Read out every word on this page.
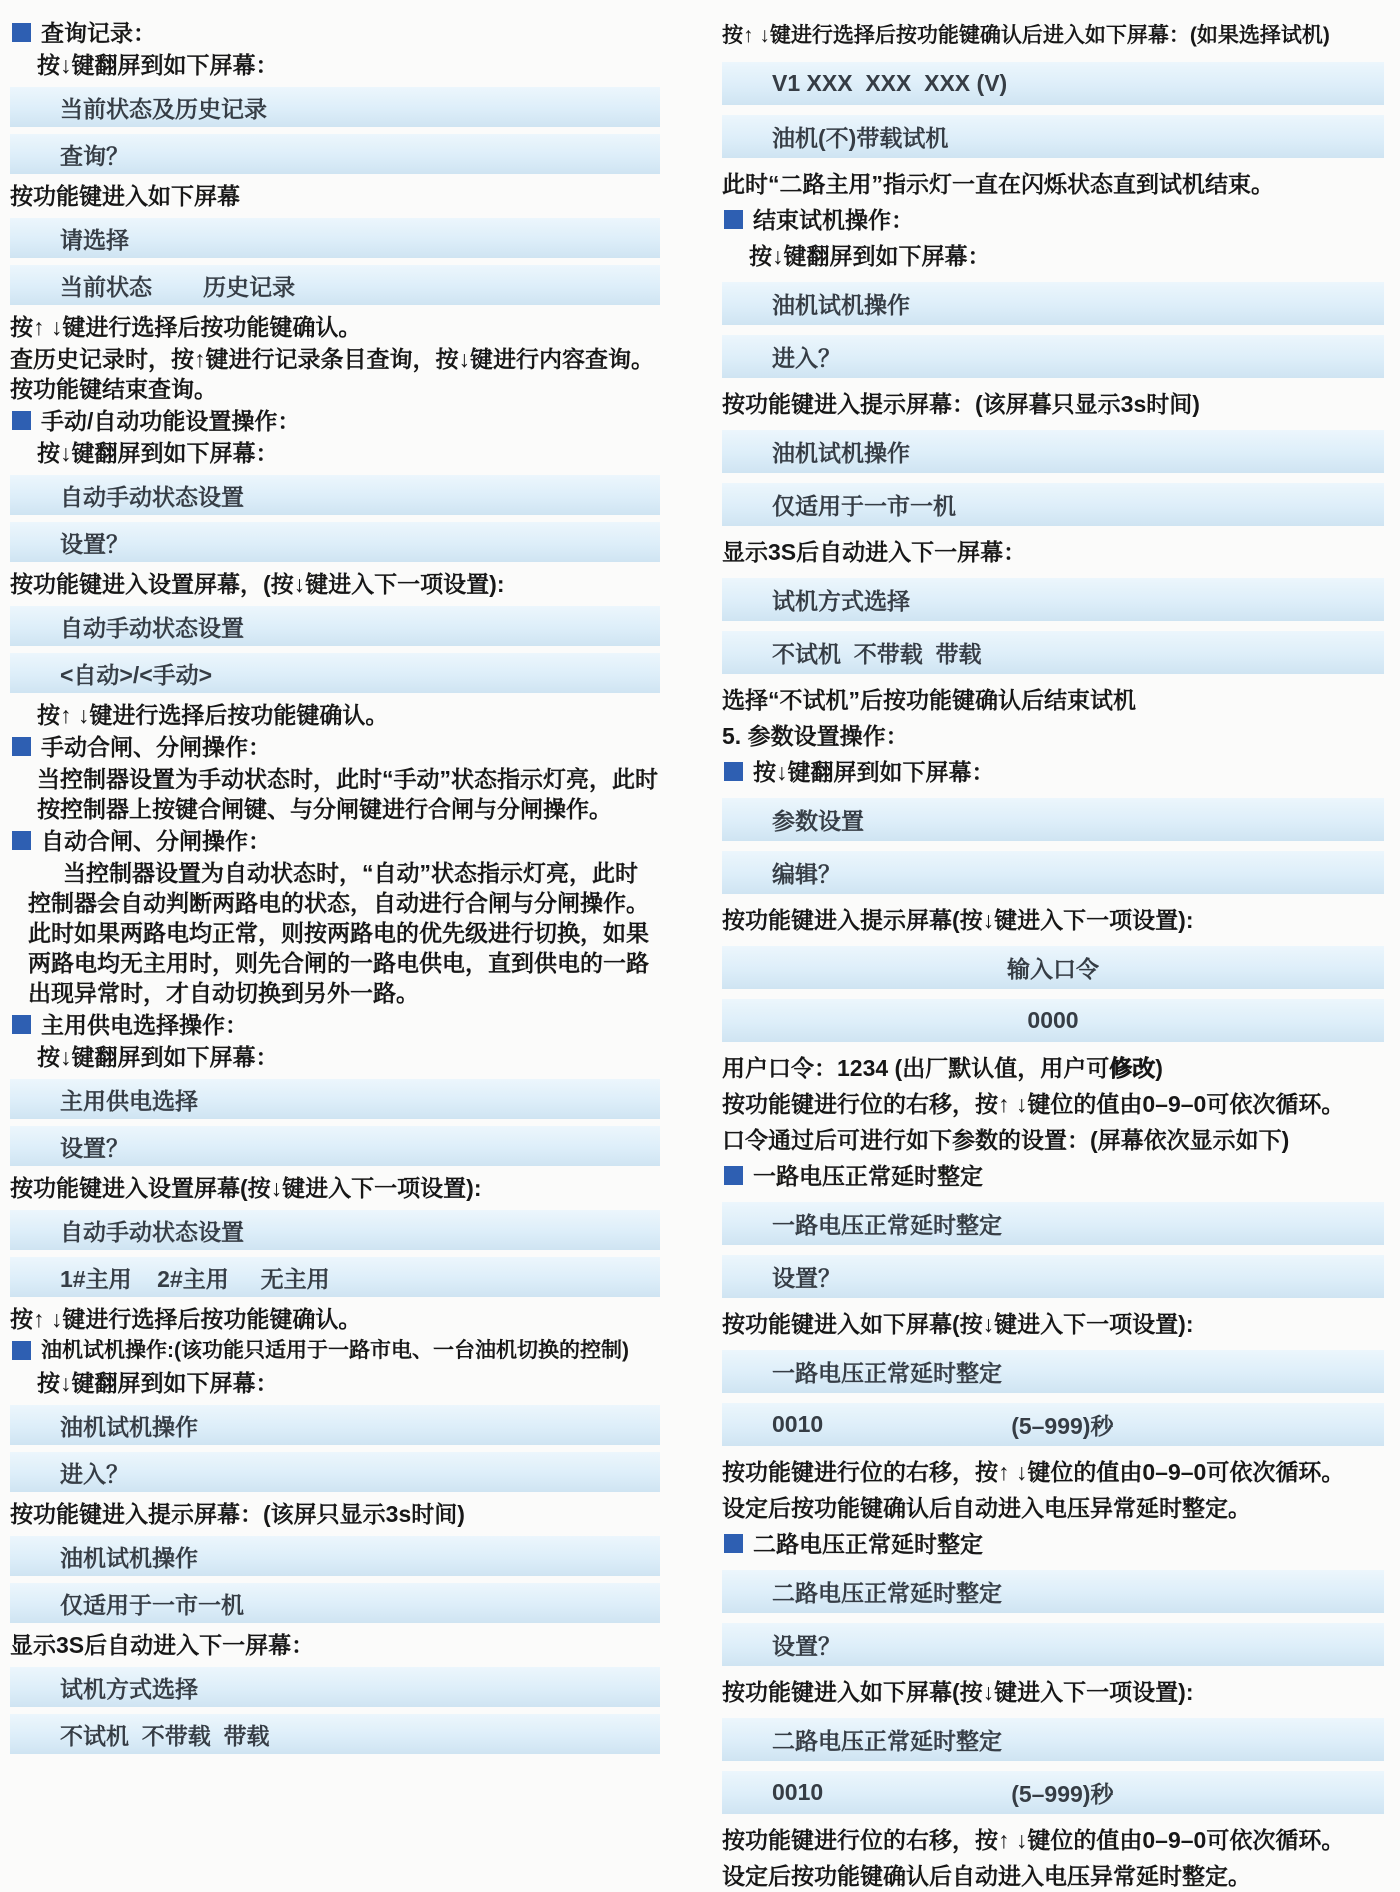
查询记录：
按↓键翻屏到如下屏幕：
当前状态及历史记录
查询？
按功能键进入如下屏幕
请选择
当前状态        历史记录
按↑ ↓键进行选择后按功能键确认。
查历史记录时，按↑键进行记录条目查询，按↓键进行内容查询。按功能键结束查询。
手动/自动功能设置操作：
按↓键翻屏到如下屏幕：
自动手动状态设置
设置？
按功能键进入设置屏幕，(按↓键进入下一项设置):
自动手动状态设置
<自动>/<手动>
按↑ ↓键进行选择后按功能键确认。
手动合闸、分闸操作：
当控制器设置为手动状态时，此时“手动”状态指示灯亮，此时按控制器上按键合闸键、与分闸键进行合闸与分闸操作。
自动合闸、分闸操作：
当控制器设置为自动状态时，“自动”状态指示灯亮，此时控制器会自动判断两路电的状态，自动进行合闸与分闸操作。此时如果两路电均正常，则按两路电的优先级进行切换，如果两路电均无主用时，则先合闸的一路电供电，直到供电的一路出现异常时，才自动切换到另外一路。
主用供电选择操作：
按↓键翻屏到如下屏幕：
主用供电选择
设置？
按功能键进入设置屏幕(按↓键进入下一项设置):
自动手动状态设置
1#主用    2#主用     无主用
按↑ ↓键进行选择后按功能键确认。
油机试机操作:(该功能只适用于一路市电、一台油机切换的控制)
按↓键翻屏到如下屏幕：
油机试机操作
进入？
按功能键进入提示屏幕：(该屏只显示3s时间)
油机试机操作
仅适用于一市一机
显示3S后自动进入下一屏幕：
试机方式选择
不试机  不带载  带载
按↑ ↓键进行选择后按功能键确认后进入如下屏幕：(如果选择试机)
V1 XXX  XXX  XXX (V)
油机(不)带载试机
此时“二路主用”指示灯一直在闪烁状态直到试机结束。
结束试机操作：
按↓键翻屏到如下屏幕：
油机试机操作
进入？
按功能键进入提示屏幕：(该屏暮只显示3s时间)
油机试机操作
仅适用于一市一机
显示3S后自动进入下一屏幕：
试机方式选择
不试机  不带载  带载
选择“不试机”后按功能键确认后结束试机
5. 参数设置操作：
按↓键翻屏到如下屏幕：
参数设置
编辑？
按功能键进入提示屏幕(按↓键进入下一项设置):
输入口令
0000
用户口令：1234 (出厂默认值，用户可修改)
按功能键进行位的右移，按↑ ↓键位的值由0–9–0可依次循环。
口令通过后可进行如下参数的设置：(屏幕依次显示如下)
一路电压正常延时整定
一路电压正常延时整定
设置？
按功能键进入如下屏幕(按↓键进入下一项设置):
一路电压正常延时整定
0010	(5–999)秒
按功能键进行位的右移，按↑ ↓键位的值由0–9–0可依次循环。
设定后按功能键确认后自动进入电压异常延时整定。
二路电压正常延时整定
二路电压正常延时整定
设置？
按功能键进入如下屏幕(按↓键进入下一项设置):
二路电压正常延时整定
0010	(5–999)秒
按功能键进行位的右移，按↑ ↓键位的值由0–9–0可依次循环。
设定后按功能键确认后自动进入电压异常延时整定。
